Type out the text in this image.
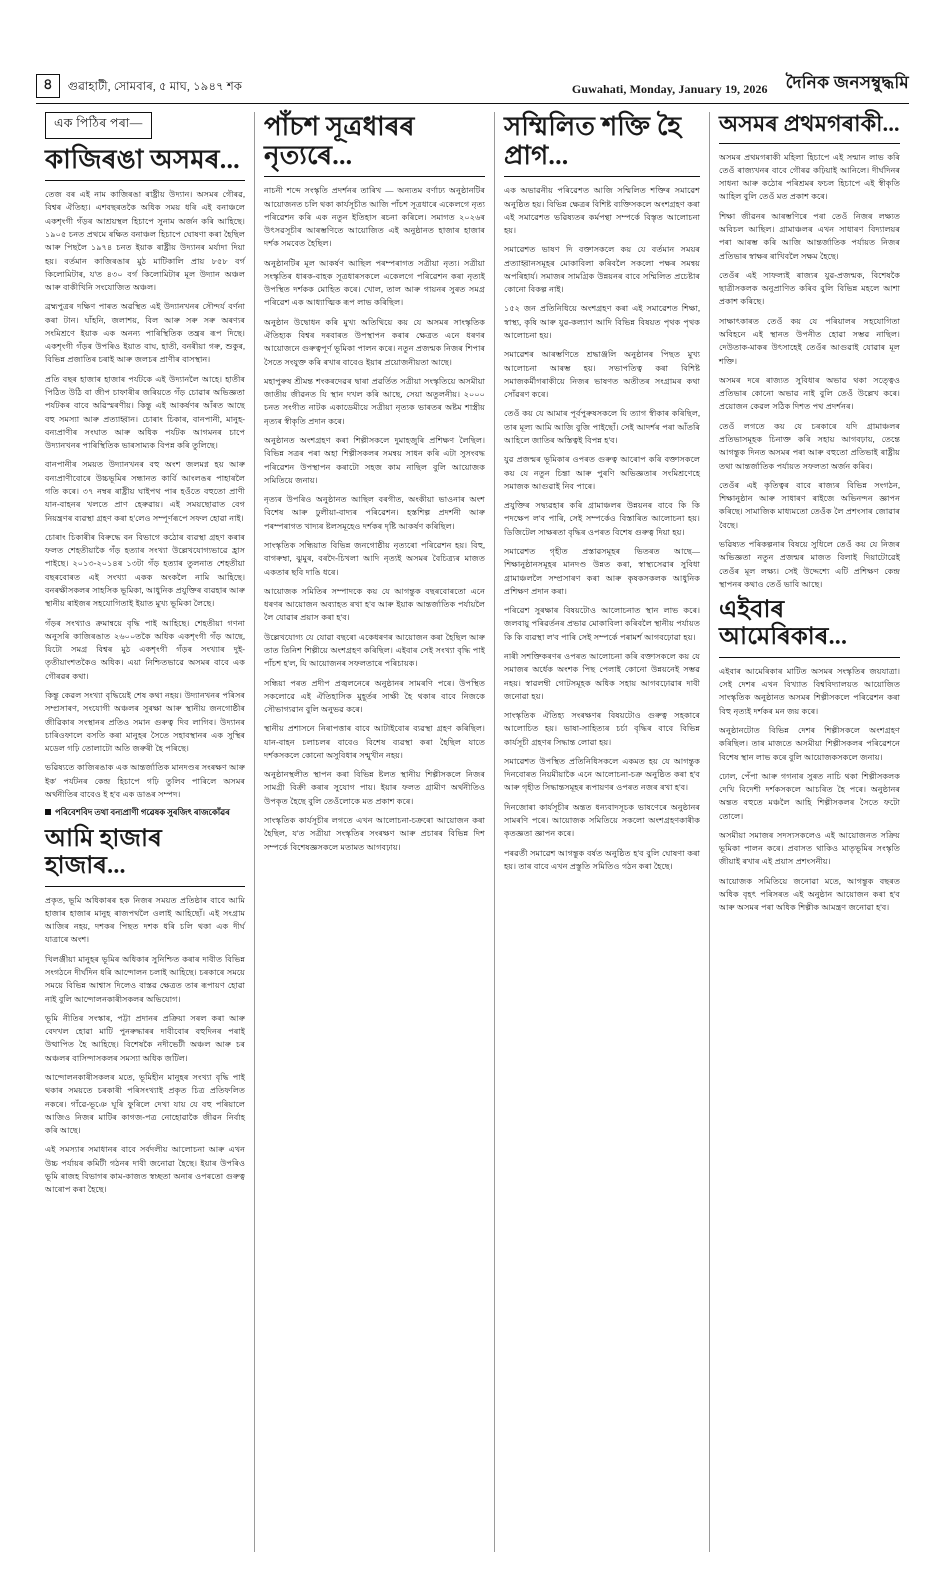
৪	গুৱাহাটী, সোমবাৰ, ৫ মাঘ, ১৯৪৭ শক	Guwahati, Monday, January 19, 2026 দৈনিক জনসম্বুদ্ধমি
এক পিঠিৰ পৰা—
কাজিৰঙা অসমৰ...

তেজ বৰ এই নাম কাজিৰঙা ৰাষ্ট্ৰীয় উদ্যান। অসমৰ গৌৰৱ, বিশ্বৰ ঐতিহ্য। এশবছৰতকৈ অধিক সময় ধৰি এই বনাঞ্চলে একশৃংগী গঁড়ৰ আশ্ৰয়স্থল হিচাপে সুনাম অৰ্জন কৰি আহিছে। ১৯০৫ চনত প্ৰথমে ৰক্ষিত বনাঞ্চল হিচাপে ঘোষণা কৰা হৈছিল আৰু পিছলৈ ১৯৭৪ চনত ইয়াক ৰাষ্ট্ৰীয় উদ্যানৰ মৰ্যাদা দিয়া হয়। বৰ্তমান কাজিৰঙাৰ মুঠ মাটিকালি প্ৰায় ৮৫৮ বৰ্গ কিলোমিটাৰ, য'ত ৪৩০ বৰ্গ কিলোমিটাৰ মূল উদ্যান অঞ্চল আৰু বাকীখিনি সংযোজিত অঞ্চল।

ব্ৰহ্মপুত্ৰৰ দক্ষিণ পাৰত অৱস্থিত এই উদ্যানখনৰ সৌন্দৰ্য বৰ্ণনা কৰা টান। ঘাঁহনি, জলাশয়, বিল আৰু সৰু সৰু অৰণ্যৰ সংমিশ্ৰণে ইয়াক এক অনন্য পাৰিস্থিতিক তন্ত্ৰৰ ৰূপ দিছে। একশৃংগী গঁড়ৰ উপৰিও ইয়াত বাঘ, হাতী, বনৰীয়া গৰু, শুকুৰ, বিভিন্ন প্ৰজাতিৰ চৰাই আৰু জলচৰ প্ৰাণীৰ বাসস্থান।

প্ৰতি বছৰ হাজাৰ হাজাৰ পৰ্যটকে এই উদ্যানলৈ আহে। হাতীৰ পিঠিত উঠি বা জীপ চাফাৰীৰ জৰিয়তে গঁড় চোৱাৰ অভিজ্ঞতা পৰ্যটকৰ বাবে অৱিস্মৰণীয়। কিন্তু এই আকৰ্ষণৰ আঁৰত আছে বহু সমস্যা আৰু প্ৰত্যাহ্বান। চোৰাং চিকাৰ, বানপানী, মানুহ-বন্যপ্ৰাণীৰ সংঘাত আৰু অধিক পৰ্যটক আগমনৰ চাপে উদ্যানখনৰ পাৰিস্থিতিক ভাৰসাম্যক বিপন্ন কৰি তুলিছে।

বানপানীৰ সময়ত উদ্যানখনৰ বহু অংশ জলমগ্ন হয় আৰু বন্যপ্ৰাণীবোৰে উচ্চভূমিৰ সন্ধানত কাৰ্বি আংলঙৰ পাহাৰলৈ গতি কৰে। ৩৭ নম্বৰ ৰাষ্ট্ৰীয় ঘাইপথ পাৰ হওঁতে বহুতো প্ৰাণী যান-বাহনৰ খলতে প্ৰাণ হেৰুৱায়। এই সময়ছোৱাত বেগ নিয়ন্ত্ৰণৰ ব্যৱস্থা গ্ৰহণ কৰা হ'লেও সম্পূৰ্ণৰূপে সফল হোৱা নাই।

চোৰাং চিকাৰীৰ বিৰুদ্ধে বন বিভাগে কঠোৰ ব্যৱস্থা গ্ৰহণ কৰাৰ ফলত শেহতীয়াকৈ গঁড় হত্যাৰ সংখ্যা উল্লেখযোগ্যভাৱে হ্ৰাস পাইছে। ২০১৩-২০১৪ৰ ১৩টা গঁড় হত্যাৰ তুলনাত শেহতীয়া বছৰবোৰত এই সংখ্যা একক অংকলৈ নামি আহিছে। বনৰক্ষীসকলৰ সাহসিক ভূমিকা, আধুনিক প্ৰযুক্তিৰ ব্যৱহাৰ আৰু স্থানীয় ৰাইজৰ সহযোগিতাই ইয়াত মুখ্য ভূমিকা লৈছে।

গঁড়ৰ সংখ্যাও ক্ৰমান্বয়ে বৃদ্ধি পাই আহিছে। শেহতীয়া গণনা অনুসৰি কাজিৰঙাত ২৬০০তকৈ অধিক একশৃংগী গঁড় আছে, যিটো সমগ্ৰ বিশ্বৰ মুঠ একশৃংগী গঁড়ৰ সংখ্যাৰ দুই-তৃতীয়াংশতকৈও অধিক। এয়া নিশ্চিতভাৱে অসমৰ বাবে এক গৌৰৱৰ কথা।

কিন্তু কেৱল সংখ্যা বৃদ্ধিয়েই শেষ কথা নহয়। উদ্যানখনৰ পৰিসৰ সম্প্ৰসাৰণ, সংযোগী অঞ্চলৰ সুৰক্ষা আৰু স্থানীয় জনগোষ্ঠীৰ জীৱিকাৰ সংস্থানৰ প্ৰতিও সমান গুৰুত্ব দিব লাগিব। উদ্যানৰ চাৰিওফালে বসতি কৰা মানুহৰ সৈতে সহাবস্থানৰ এক সুস্থিৰ মডেল গঢ়ি তোলাটো অতি জৰুৰী হৈ পৰিছে।

ভৱিষ্যতে কাজিৰঙাক এক আন্তৰ্জাতিক মানদণ্ডৰ সংৰক্ষণ আৰু ইক' পৰ্যটনৰ কেন্দ্ৰ হিচাপে গঢ়ি তুলিব পাৰিলে অসমৰ অৰ্থনীতিৰ বাবেও ই হ'ব এক ডাঙৰ সম্পদ।

পৰিবেশবিদ তথা বন্যপ্ৰাণী গৱেষক সুৰজিৎ ৰাজকোঁৱৰ

আমি হাজাৰ হাজাৰ...

প্ৰকৃত, ভূমি অধিকাৰৰ হক নিজৰ সময়ত প্ৰতিষ্ঠাৰ বাবে আমি হাজাৰ হাজাৰ মানুহ ৰাজপথলৈ ওলাই আহিছোঁ। এই সংগ্ৰাম আজিৰ নহয়, দশকৰ পিছত দশক ধৰি চলি থকা এক দীৰ্ঘ যাত্ৰাৰে অংশ।

খিলঞ্জীয়া মানুহৰ ভূমিৰ অধিকাৰ সুনিশ্চিত কৰাৰ দাবীত বিভিন্ন সংগঠনে দীৰ্ঘদিন ধৰি আন্দোলন চলাই আহিছে। চৰকাৰে সময়ে সময়ে বিভিন্ন আশ্বাস দিলেও বাস্তৱ ক্ষেত্ৰত তাৰ ৰূপায়ণ হোৱা নাই বুলি আন্দোলনকাৰীসকলৰ অভিযোগ।

ভূমি নীতিৰ সংস্কাৰ, পট্টা প্ৰদানৰ প্ৰক্ৰিয়া সৰল কৰা আৰু বেদখল হোৱা মাটি পুনৰুদ্ধাৰৰ দাবীবোৰ বহুদিনৰ পৰাই উত্থাপিত হৈ আহিছে। বিশেষকৈ নদীভেটী অঞ্চল আৰু চৰ অঞ্চলৰ বাসিন্দাসকলৰ সমস্যা অধিক জটিল।

আন্দোলনকাৰীসকলৰ মতে, ভূমিহীন মানুহৰ সংখ্যা বৃদ্ধি পাই থকাৰ সময়তে চৰকাৰী পৰিসংখ্যাই প্ৰকৃত চিত্ৰ প্ৰতিফলিত নকৰে। গাঁৱে-ভূঞে ঘূৰি ফুৰিলে দেখা যায় যে বহু পৰিয়ালে আজিও নিজৰ মাটিৰ কাগজ-পত্ৰ নোহোৱাকৈ জীৱন নিৰ্বাহ কৰি আছে।

এই সমস্যাৰ সমাধানৰ বাবে সৰ্বদলীয় আলোচনা আৰু এখন উচ্চ পৰ্যায়ৰ কমিটী গঠনৰ দাবী জনোৱা হৈছে। ইয়াৰ উপৰিও ভূমি ৰাজহ বিভাগৰ কাম-কাজত স্বচ্ছতা অনাৰ ওপৰতো গুৰুত্ব আৰোপ কৰা হৈছে।

পাঁচশ সূত্ৰধাৰৰ নৃত্যৰে...

নাচনী শব্দে সংস্কৃতি প্ৰদৰ্শনৰ তাৰিখ — অন্যতম বৰ্ণাঢ্য অনুষ্ঠানটিৰ আয়োজনত চলি থকা কাৰ্যসূচীত আজি পাঁচশ সূত্ৰধাৰে একেলগে নৃত্য পৰিৱেশন কৰি এক নতুন ইতিহাস ৰচনা কৰিলে। সমাগত ২০২৬ৰ উৎসৱসূচীৰ আৰম্ভণিতে আয়োজিত এই অনুষ্ঠানত হাজাৰ হাজাৰ দৰ্শক সমবেত হৈছিল।

অনুষ্ঠানটিৰ মূল আকৰ্ষণ আছিল পৰম্পৰাগত সত্ৰীয়া নৃত্য। সত্ৰীয়া সংস্কৃতিৰ ধাৰক-বাহক সূত্ৰধাৰসকলে একেলগে পৰিৱেশন কৰা নৃত্যই উপস্থিত দৰ্শকক মোহিত কৰে। খোল, তাল আৰু গায়নৰ সুৰত সমগ্ৰ পৰিৱেশ এক আধ্যাত্মিক ৰূপ লাভ কৰিছিল।

অনুষ্ঠান উদ্বোধন কৰি মুখ্য অতিথিয়ে কয় যে অসমৰ সাংস্কৃতিক ঐতিহ্যক বিশ্বৰ দৰবাৰত উপস্থাপন কৰাৰ ক্ষেত্ৰত এনে ধৰণৰ আয়োজনে গুৰুত্বপূৰ্ণ ভূমিকা পালন কৰে। নতুন প্ৰজন্মক নিজৰ শিপাৰ সৈতে সংযুক্ত কৰি ৰখাৰ বাবেও ইয়াৰ প্ৰয়োজনীয়তা আছে।

মহাপুৰুষ শ্ৰীমন্ত শংকৰদেৱৰ দ্বাৰা প্ৰৱৰ্তিত সত্ৰীয়া সংস্কৃতিয়ে অসমীয়া জাতীয় জীৱনত যি স্থান দখল কৰি আছে, সেয়া অতুলনীয়। ২০০০ চনত সংগীত নাটক একাডেমীয়ে সত্ৰীয়া নৃত্যক ভাৰতৰ অষ্টম শাস্ত্ৰীয় নৃত্যৰ স্বীকৃতি প্ৰদান কৰে।

অনুষ্ঠানত অংশগ্ৰহণ কৰা শিল্পীসকলে দুমাহজুৰি প্ৰশিক্ষণ লৈছিল। বিভিন্ন সত্ৰৰ পৰা অহা শিল্পীসকলৰ সমন্বয় সাধন কৰি এটা সুসংবদ্ধ পৰিৱেশন উপস্থাপন কৰাটো সহজ কাম নাছিল বুলি আয়োজক সমিতিয়ে জনায়।

নৃত্যৰ উপৰিও অনুষ্ঠানত আছিল বৰগীত, অংকীয়া ভাওনাৰ অংশ বিশেষ আৰু ঢুলীয়া-বাদ্যৰ পৰিৱেশন। হস্তশিল্প প্ৰদৰ্শনী আৰু পৰম্পৰাগত খাদ্যৰ ষ্টলসমূহেও দৰ্শকৰ দৃষ্টি আকৰ্ষণ কৰিছিল।

সাংস্কৃতিক সন্ধিয়াত বিভিন্ন জনগোষ্ঠীয় নৃত্যৰো পৰিৱেশন হয়। বিহু, বাগৰুম্বা, ঝুমুৰ, বৰদৈ-চিখলা আদি নৃত্যই অসমৰ বৈচিত্ৰ্যৰ মাজত একতাৰ ছবি দাঙি ধৰে।

আয়োজক সমিতিৰ সম্পাদকে কয় যে আগন্তুক বছৰবোৰতো এনে ধৰণৰ আয়োজন অব্যাহত ৰখা হ'ব আৰু ইয়াক আন্তৰ্জাতিক পৰ্যায়লৈ লৈ যোৱাৰ প্ৰয়াস কৰা হ'ব।

উল্লেখযোগ্য যে যোৱা বছৰো একেধৰণৰ আয়োজন কৰা হৈছিল আৰু তাত তিনিশ শিল্পীয়ে অংশগ্ৰহণ কৰিছিল। এইবাৰ সেই সংখ্যা বৃদ্ধি পাই পাঁচশ হ'ল, যি আয়োজনৰ সফলতাৰে পৰিচায়ক।

সন্ধিয়া পৰত প্ৰদীপ প্ৰজ্বলনেৰে অনুষ্ঠানৰ সামৰণি পৰে। উপস্থিত সকলোৱে এই ঐতিহাসিক মুহূৰ্তৰ সাক্ষী হৈ থকাৰ বাবে নিজকে সৌভাগ্যৱান বুলি অনুভৱ কৰে।

স্থানীয় প্ৰশাসনে নিৰাপত্তাৰ বাবে আটাইবোৰ ব্যৱস্থা গ্ৰহণ কৰিছিল। যান-বাহন চলাচলৰ বাবেও বিশেষ ব্যৱস্থা কৰা হৈছিল যাতে দৰ্শকসকলে কোনো অসুবিধাৰ সন্মুখীন নহয়।

অনুষ্ঠানস্থলীত স্থাপন কৰা বিভিন্ন ষ্টলত স্থানীয় শিল্পীসকলে নিজৰ সামগ্ৰী বিক্ৰী কৰাৰ সুযোগ পায়। ইয়াৰ ফলত গ্ৰামীণ অৰ্থনীতিও উপকৃত হৈছে বুলি তেওঁলোকে মত প্ৰকাশ কৰে।

সাংস্কৃতিক কাৰ্যসূচীৰ লগতে এখন আলোচনা-চক্ৰৰো আয়োজন কৰা হৈছিল, য'ত সত্ৰীয়া সংস্কৃতিৰ সংৰক্ষণ আৰু প্ৰচাৰৰ বিভিন্ন দিশ সম্পৰ্কে বিশেষজ্ঞসকলে মতামত আগবঢ়ায়।

সম্মিলিত শক্তি হৈ প্ৰাগ...

এক অভাৱনীয় পৰিৱেশত আজি সম্মিলিত শক্তিৰ সমাৱেশ অনুষ্ঠিত হয়। বিভিন্ন ক্ষেত্ৰৰ বিশিষ্ট ব্যক্তিসকলে অংশগ্ৰহণ কৰা এই সমাৱেশত ভৱিষ্যতৰ কৰ্মপন্থা সম্পৰ্কে বিস্তৃত আলোচনা হয়।

সমাৱেশত ভাষণ দি বক্তাসকলে কয় যে বৰ্তমান সময়ৰ প্ৰত্যাহ্বানসমূহৰ মোকাবিলা কৰিবলৈ সকলো পক্ষৰ সমন্বয় অপৰিহাৰ্য। সমাজৰ সামগ্ৰিক উন্নয়নৰ বাবে সম্মিলিত প্ৰচেষ্টাৰ কোনো বিকল্প নাই।

১৫২ জন প্ৰতিনিধিয়ে অংশগ্ৰহণ কৰা এই সমাৱেশত শিক্ষা, স্বাস্থ্য, কৃষি আৰু যুৱ-কল্যাণ আদি বিভিন্ন বিষয়ত পৃথক পৃথক আলোচনা হয়।

সমাৱেশৰ আৰম্ভণিতে শ্ৰদ্ধাঞ্জলি অনুষ্ঠানৰ পিছত মুখ্য আলোচনা আৰম্ভ হয়। সভাপতিত্ব কৰা বিশিষ্ট সমাজকৰ্মীগৰাকীয়ে নিজৰ ভাষণত অতীতৰ সংগ্ৰামৰ কথা সোঁৱৰণ কৰে।

তেওঁ কয় যে আমাৰ পূৰ্বপুৰুষসকলে যি ত্যাগ স্বীকাৰ কৰিছিল, তাৰ মূল্য আমি আজি বুজি পাইছোঁ। সেই আদৰ্শৰ পৰা আঁতৰি আহিলে জাতিৰ অস্তিত্বই বিপন্ন হ'ব।

যুৱ প্ৰজন্মৰ ভূমিকাৰ ওপৰত গুৰুত্ব আৰোপ কৰি বক্তাসকলে কয় যে নতুন চিন্তা আৰু পুৰণি অভিজ্ঞতাৰ সংমিশ্ৰণেহে সমাজক আগুৱাই নিব পাৰে।

প্ৰযুক্তিৰ সদ্ব্যৱহাৰ কৰি গ্ৰামাঞ্চলৰ উন্নয়নৰ বাবে কি কি পদক্ষেপ ল'ব পাৰি, সেই সম্পৰ্কেও বিস্তাৰিত আলোচনা হয়। ডিজিটেল সাক্ষৰতা বৃদ্ধিৰ ওপৰত বিশেষ গুৰুত্ব দিয়া হয়।

সমাৱেশত গৃহীত প্ৰস্তাৱসমূহৰ ভিতৰত আছে— শিক্ষানুষ্ঠানসমূহৰ মানদণ্ড উন্নত কৰা, স্বাস্থ্যসেৱাৰ সুবিধা গ্ৰামাঞ্চললৈ সম্প্ৰসাৰণ কৰা আৰু কৃষকসকলক আধুনিক প্ৰশিক্ষণ প্ৰদান কৰা।

পৰিৱেশ সুৰক্ষাৰ বিষয়টোও আলোচনাত স্থান লাভ কৰে। জলবায়ু পৰিৱৰ্তনৰ প্ৰভাৱ মোকাবিলা কৰিবলৈ স্থানীয় পৰ্যায়ত কি কি ব্যৱস্থা ল'ব পাৰি সেই সম্পৰ্কে পৰামৰ্শ আগবঢ়োৱা হয়।

নাৰী সশক্তিকৰণৰ ওপৰত আলোচনা কৰি বক্তাসকলে কয় যে সমাজৰ অৰ্ধেক অংশক পিছ পেলাই কোনো উন্নয়নেই সম্ভৱ নহয়। স্বাৱলম্বী গোটসমূহক অধিক সহায় আগবঢ়োৱাৰ দাবী জনোৱা হয়।

সাংস্কৃতিক ঐতিহ্য সংৰক্ষণৰ বিষয়টোও গুৰুত্ব সহকাৰে আলোচিত হয়। ভাষা-সাহিত্যৰ চৰ্চা বৃদ্ধিৰ বাবে বিভিন্ন কাৰ্যসূচী গ্ৰহণৰ সিদ্ধান্ত লোৱা হয়।

সমাৱেশত উপস্থিত প্ৰতিনিধিসকলে একমত হয় যে আগন্তুক দিনবোৰত নিয়মীয়াকৈ এনে আলোচনা-চক্ৰ অনুষ্ঠিত কৰা হ'ব আৰু গৃহীত সিদ্ধান্তসমূহৰ ৰূপায়ণৰ ওপৰত নজৰ ৰখা হ'ব।

দিনজোৰা কাৰ্যসূচীৰ অন্তত ধন্যবাদসূচক ভাষণেৰে অনুষ্ঠানৰ সামৰণি পৰে। আয়োজক সমিতিয়ে সকলো অংশগ্ৰহণকাৰীক কৃতজ্ঞতা জ্ঞাপন কৰে।

পৰৱৰ্তী সমাৱেশ আগন্তুক বৰ্ষত অনুষ্ঠিত হ'ব বুলি ঘোষণা কৰা হয়। তাৰ বাবে এখন প্ৰস্তুতি সমিতিও গঠন কৰা হৈছে।

অসমৰ প্ৰথমগৰাকী...

অসমৰ প্ৰথমগৰাকী মহিলা হিচাপে এই সন্মান লাভ কৰি তেওঁ ৰাজ্যখনৰ বাবে গৌৰৱ কঢ়িয়াই আনিলে। দীৰ্ঘদিনৰ সাধনা আৰু কঠোৰ পৰিশ্ৰমৰ ফচল হিচাপে এই স্বীকৃতি আহিল বুলি তেওঁ মত প্ৰকাশ কৰে।

শিক্ষা জীৱনৰ আৰম্ভণিৰে পৰা তেওঁ নিজৰ লক্ষ্যত অবিচল আছিল। গ্ৰামাঞ্চলৰ এখন সাধাৰণ বিদ্যালয়ৰ পৰা আৰম্ভ কৰি আজি আন্তৰ্জাতিক পৰ্যায়ত নিজৰ প্ৰতিভাৰ স্বাক্ষৰ ৰাখিবলৈ সক্ষম হৈছে।

তেওঁৰ এই সাফল্যই ৰাজ্যৰ যুৱ-প্ৰজন্মক, বিশেষকৈ ছাত্ৰীসকলক অনুপ্ৰাণিত কৰিব বুলি বিভিন্ন মহলে আশা প্ৰকাশ কৰিছে।

সাক্ষাৎকাৰত তেওঁ কয় যে পৰিয়ালৰ সহযোগিতা অবিহনে এই স্থানত উপনীত হোৱা সম্ভৱ নাছিল। দেউতাক-মাকৰ উৎসাহেই তেওঁৰ আগুৱাই যোৱাৰ মূল শক্তি।

অসমৰ দৰে ৰাজ্যত সুবিধাৰ অভাৱ থকা সত্ত্বেও প্ৰতিভাৰ কোনো অভাৱ নাই বুলি তেওঁ উল্লেখ কৰে। প্ৰয়োজন কেৱল সঠিক দিশত পথ প্ৰদৰ্শনৰ।

তেওঁ লগতে কয় যে চৰকাৰে যদি গ্ৰামাঞ্চলৰ প্ৰতিভাসমূহক চিনাক্ত কৰি সহায় আগবঢ়ায়, তেন্তে আগন্তুক দিনত অসমৰ পৰা আৰু বহুতো প্ৰতিভাই ৰাষ্ট্ৰীয় তথা আন্তৰ্জাতিক পৰ্যায়ত সফলতা অৰ্জন কৰিব।

তেওঁৰ এই কৃতিত্বৰ বাবে ৰাজ্যৰ বিভিন্ন সংগঠন, শিক্ষানুষ্ঠান আৰু সাধাৰণ ৰাইজে অভিনন্দন জ্ঞাপন কৰিছে। সামাজিক মাধ্যমতো তেওঁক লৈ প্ৰশংসাৰ জোৱাৰ বৈছে।

ভৱিষ্যত পৰিকল্পনাৰ বিষয়ে সুধিলে তেওঁ কয় যে নিজৰ অভিজ্ঞতা নতুন প্ৰজন্মৰ মাজত বিলাই দিয়াটোৱেই তেওঁৰ মূল লক্ষ্য। সেই উদ্দেশ্যে এটি প্ৰশিক্ষণ কেন্দ্ৰ স্থাপনৰ কথাও তেওঁ ভাবি আছে।

এইবাৰ আমেৰিকাৰ...

এইবাৰ আমেৰিকাৰ মাটিত অসমৰ সংস্কৃতিৰ জয়যাত্ৰা। সেই দেশৰ এখন বিখ্যাত বিশ্ববিদ্যালয়ত আয়োজিত সাংস্কৃতিক অনুষ্ঠানত অসমৰ শিল্পীসকলে পৰিৱেশন কৰা বিহু নৃত্যই দৰ্শকৰ মন জয় কৰে।

অনুষ্ঠানটোত বিভিন্ন দেশৰ শিল্পীসকলে অংশগ্ৰহণ কৰিছিল। তাৰ মাজতে অসমীয়া শিল্পীসকলৰ পৰিৱেশনে বিশেষ স্থান লাভ কৰে বুলি আয়োজকসকলে জনায়।

ঢোল, পেঁপা আৰু গগনাৰ সুৰত নাচি থকা শিল্পীসকলক দেখি বিদেশী দৰ্শকসকলে আচৰিত হৈ পৰে। অনুষ্ঠানৰ অন্তত বহুতে মঞ্চলৈ আহি শিল্পীসকলৰ সৈতে ফটো তোলে।

অসমীয়া সমাজৰ সদস্যসকলেও এই আয়োজনত সক্ৰিয় ভূমিকা পালন কৰে। প্ৰবাসত থাকিও মাতৃভূমিৰ সংস্কৃতি জীয়াই ৰখাৰ এই প্ৰয়াস প্ৰশংসনীয়।

আয়োজক সমিতিয়ে জনোৱা মতে, আগন্তুক বছৰত অধিক বৃহৎ পৰিসৰত এই অনুষ্ঠান আয়োজন কৰা হ'ব আৰু অসমৰ পৰা অধিক শিল্পীক আমন্ত্ৰণ জনোৱা হ'ব।
